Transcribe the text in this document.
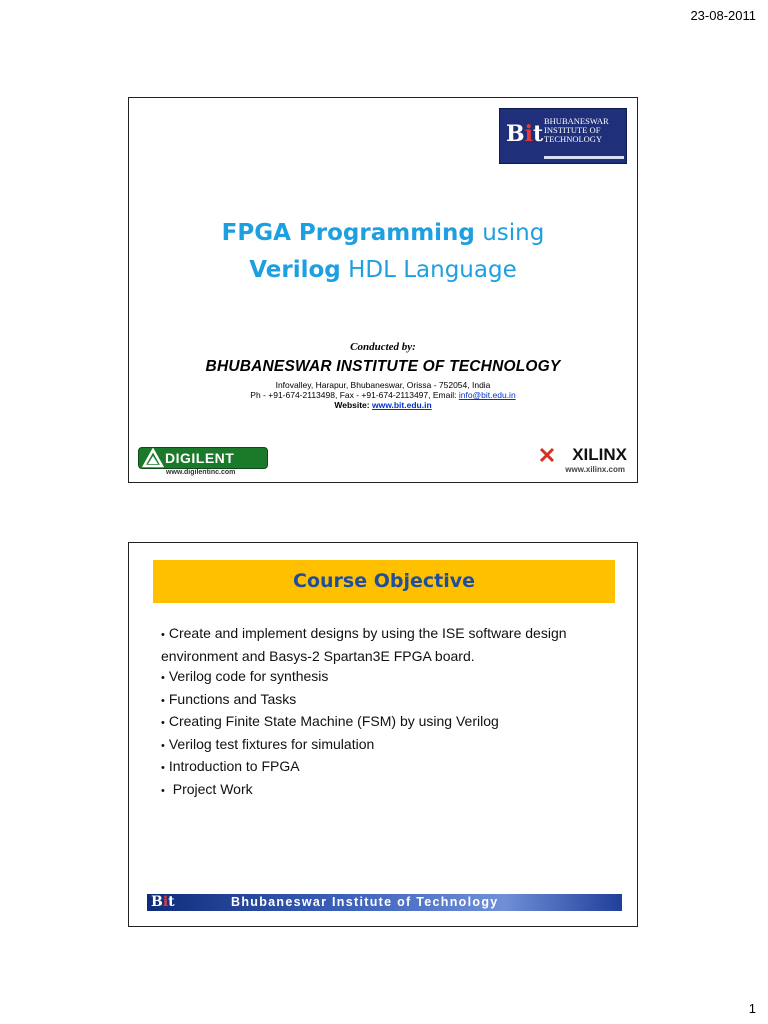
23-08-2011
Bit BHUBANESWAR
INSTITUTE OF
TECHNOLOGY
FPGA Programming using
Verilog HDL Language
Conducted by:
BHUBANESWAR INSTITUTE OF TECHNOLOGY
Infovalley, Harapur, Bhubaneswar, Orissa - 752054, India
Ph - +91-674-2113498, Fax - +91-674-2113497, Email: info@bit.edu.in
Website: www.bit.edu.in
DIGILENT
www.digilentinc.com
XILINX
www.xilinx.com
Course Objective
• Create and implement designs by using the ISE software design environment and Basys-2 Spartan3E FPGA board.
• Verilog code for synthesis
• Functions and Tasks
• Creating Finite State Machine (FSM) by using Verilog
• Verilog test fixtures for simulation
• Introduction to FPGA
• Project Work
Bit	Bhubaneswar Institute of Technology
1
